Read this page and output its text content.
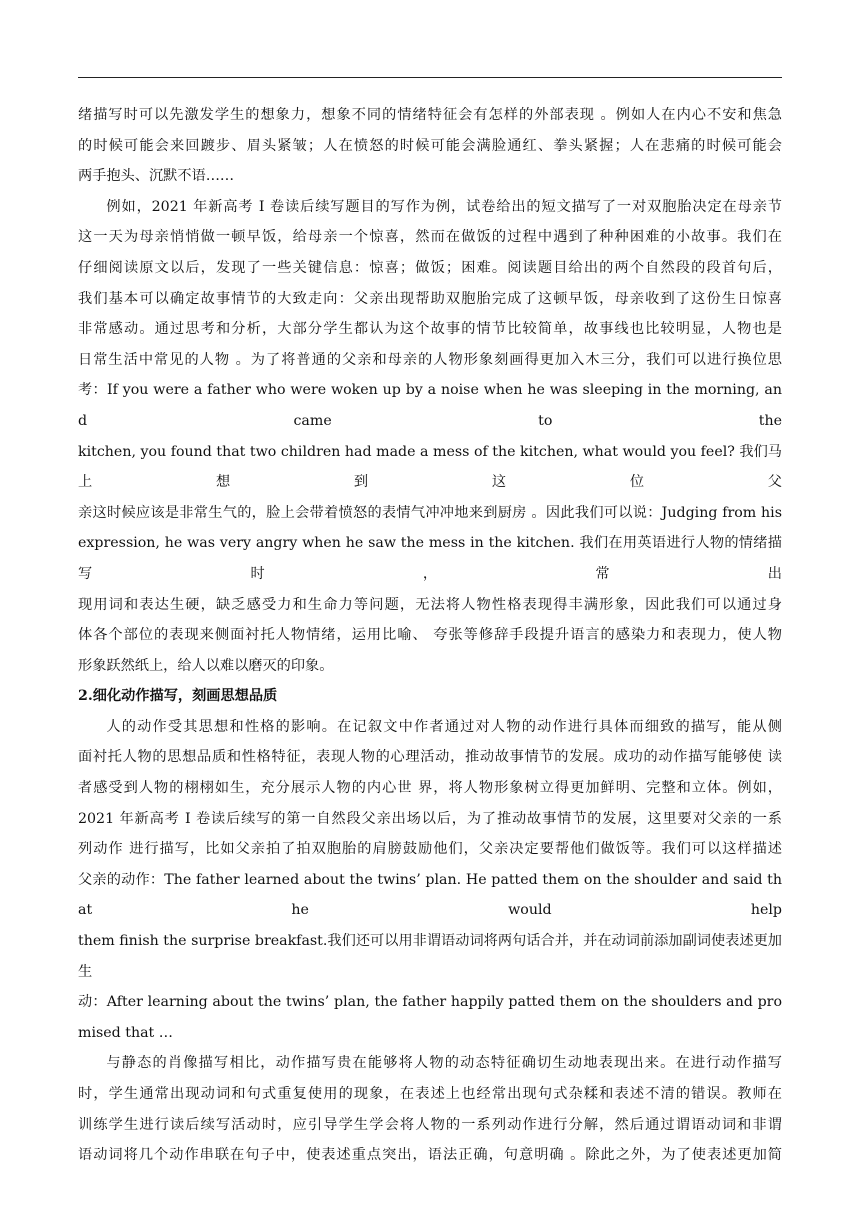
绪描写时可以先激发学生的想象力，想象不同的情绪特征会有怎样的外部表现 。例如人在内心不安和焦急

的时候可能会来回踱步、眉头紧皱；人在愤怒的时候可能会满脸通红、拳头紧握；人在悲痛的时候可能会

两手抱头、沉默不语……

例如，2021 年新高考 I 卷读后续写题目的写作为例，试卷给出的短文描写了一对双胞胎决定在母亲节

这一天为母亲悄悄做一顿早饭，给母亲一个惊喜，然而在做饭的过程中遇到了种种困难的小故事。我们在

仔细阅读原文以后，发现了一些关键信息：惊喜；做饭；困难。阅读题目给出的两个自然段的段首句后，

我们基本可以确定故事情节的大致走向：父亲出现帮助双胞胎完成了这顿早饭，母亲收到了这份生日惊喜

非常感动。通过思考和分析，大部分学生都认为这个故事的情节比较简单，故事线也比较明显，人物也是

日常生活中常见的人物 。为了将普通的父亲和母亲的人物形象刻画得更加入木三分，我们可以进行换位思

考：If you were a father who were woken up by a noise when he was sleeping in the morning, and came to the

kitchen, you found that two children had made a mess of the kitchen, what would you feel? 我们马上想到这位父

亲这时候应该是非常生气的，脸上会带着愤怒的表情气冲冲地来到厨房 。因此我们可以说：Judging from his

expression, he was very angry when he saw the mess in the kitchen. 我们在用英语进行人物的情绪描写时，常出

现用词和表达生硬，缺乏感受力和生命力等问题，无法将人物性格表现得丰满形象，因此我们可以通过身

体各个部位的表现来侧面衬托人物情绪，运用比喻、 夸张等修辞手段提升语言的感染力和表现力，使人物

形象跃然纸上，给人以难以磨灭的印象。

2.细化动作描写，刻画思想品质

人的动作受其思想和性格的影响。在记叙文中作者通过对人物的动作进行具体而细致的描写，能从侧

面衬托人物的思想品质和性格特征，表现人物的心理活动，推动故事情节的发展。成功的动作描写能够使 读

者感受到人物的栩栩如生，充分展示人物的内心世 界，将人物形象树立得更加鲜明、完整和立体。例如，

2021 年新高考 I 卷读后续写的第一自然段父亲出场以后，为了推动故事情节的发展，这里要对父亲的一系

列动作 进行描写，比如父亲拍了拍双胞胎的肩膀鼓励他们，父亲决定要帮他们做饭等。我们可以这样描述

父亲的动作：The father learned about the twins’ plan. He patted them on the shoulder and said that he would help

them finish the surprise breakfast.我们还可以用非谓语动词将两句话合并，并在动词前添加副词使表述更加生

动：After learning about the twins’ plan, the father happily patted them on the shoulders and promised that …

与静态的肖像描写相比，动作描写贵在能够将人物的动态特征确切生动地表现出来。在进行动作描写

时，学生通常出现动词和句式重复使用的现象，在表述上也经常出现句式杂糅和表述不清的错误。教师在

训练学生进行读后续写活动时，应引导学生学会将人物的一系列动作进行分解，然后通过谓语动词和非谓

语动词将几个动作串联在句子中，使表述重点突出，语法正确，句意明确 。除此之外，为了使表述更加简
